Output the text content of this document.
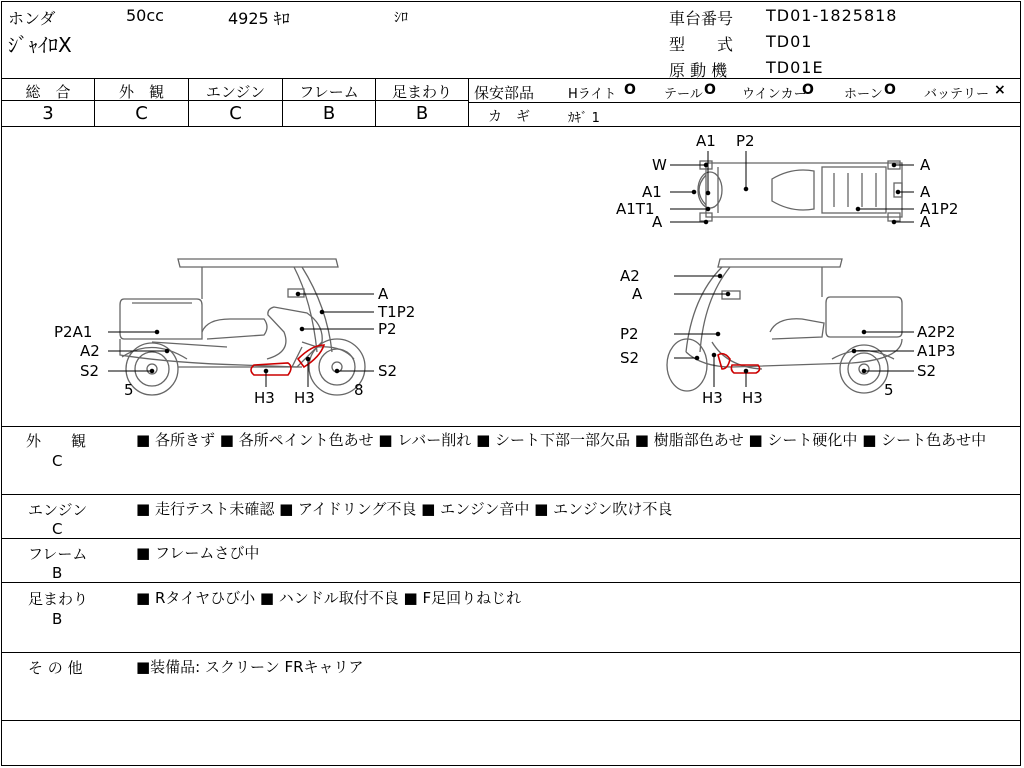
ホンダ	50cc	4925 ｷﾛ	ｼﾛ
ｼﾞｬｲﾛX
車台番号 TD01-1825818
型　　式 TD01
原 動 機 TD01E
総　合	外　観	エンジン	フレーム	足まわり
3	C	C	B	B
保安部品	Hライト O テール O ウインカー
O ホーン O バッテリー ×
カ　ギ	ｶｷﾞ 1
A
T1P2
P2
P2A1
A2
S2	S2
5	8
H3 H3
A2
A
P2
S2
A2P2
A1P3
S2
5
H3 H3
A1 P2
W
A1
A1T1
A
A
A
A1P2
A
外　　観
C
■ 各所きず ■ 各所ペイント色あせ ■ レバー削れ ■ シート下部一部欠品 ■ 樹脂部色あせ ■ シート硬化中 ■ シート色あせ中
エンジン
C
■ 走行テスト未確認 ■ アイドリング不良 ■ エンジン音中 ■ エンジン吹け不良
フレーム
B
■ フレームさび中
足まわり
B
■ Rタイヤひび小 ■ ハンドル取付不良 ■ F足回りねじれ
そ の 他	■装備品: スクリーン FRキャリア
